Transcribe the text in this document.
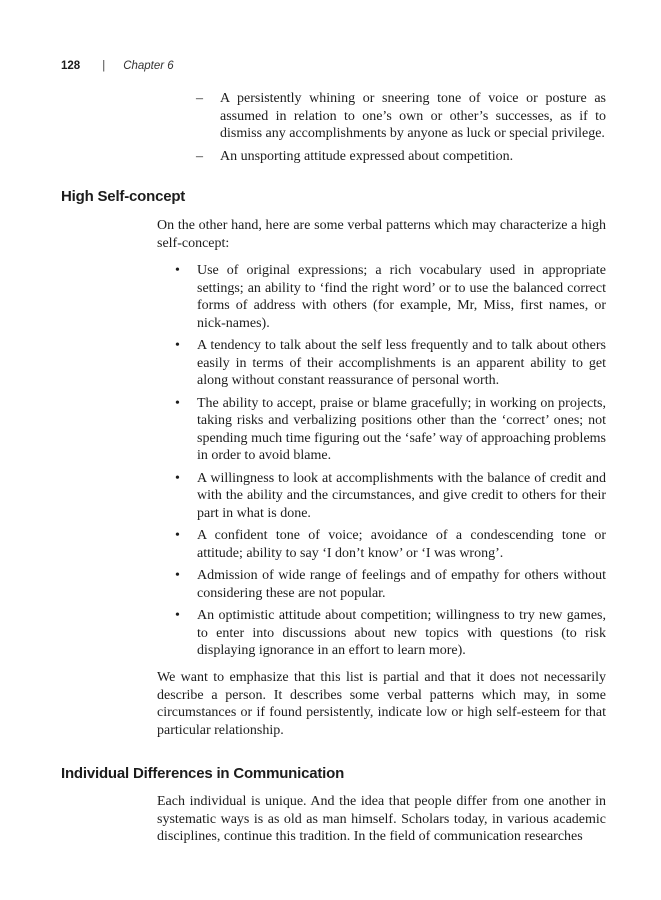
128 | Chapter 6
– A persistently whining or sneering tone of voice or posture as assumed in relation to one’s own or other’s successes, as if to dismiss any accomplishments by anyone as luck or special privilege.
– An unsporting attitude expressed about competition.
High Self-concept

On the other hand, here are some verbal patterns which may characterize a high self-concept:

• Use of original expressions; a rich vocabulary used in appropriate settings; an ability to ‘find the right word’ or to use the balanced correct forms of address with others (for example, Mr, Miss, first names, or nick-names).
• A tendency to talk about the self less frequently and to talk about others easily in terms of their accomplishments is an apparent ability to get along without constant reassurance of personal worth.
• The ability to accept, praise or blame gracefully; in working on projects, taking risks and verbalizing positions other than the ‘correct’ ones; not spending much time figuring out the ‘safe’ way of approaching problems in order to avoid blame.
• A willingness to look at accomplishments with the balance of credit and with the ability and the circumstances, and give credit to others for their part in what is done.
• A confident tone of voice; avoidance of a condescending tone or attitude; ability to say ‘I don’t know’ or ‘I was wrong’.
• Admission of wide range of feelings and of empathy for others without considering these are not popular.
• An optimistic attitude about competition; willingness to try new games, to enter into discussions about new topics with questions (to risk displaying ignorance in an effort to learn more).

We want to emphasize that this list is partial and that it does not necessarily describe a person. It describes some verbal patterns which may, in some circumstances or if found persistently, indicate low or high self-esteem for that particular relationship.

Individual Differences in Communication

Each individual is unique. And the idea that people differ from one another in systematic ways is as old as man himself. Scholars today, in various academic disciplines, continue this tradition. In the field of communication researches
